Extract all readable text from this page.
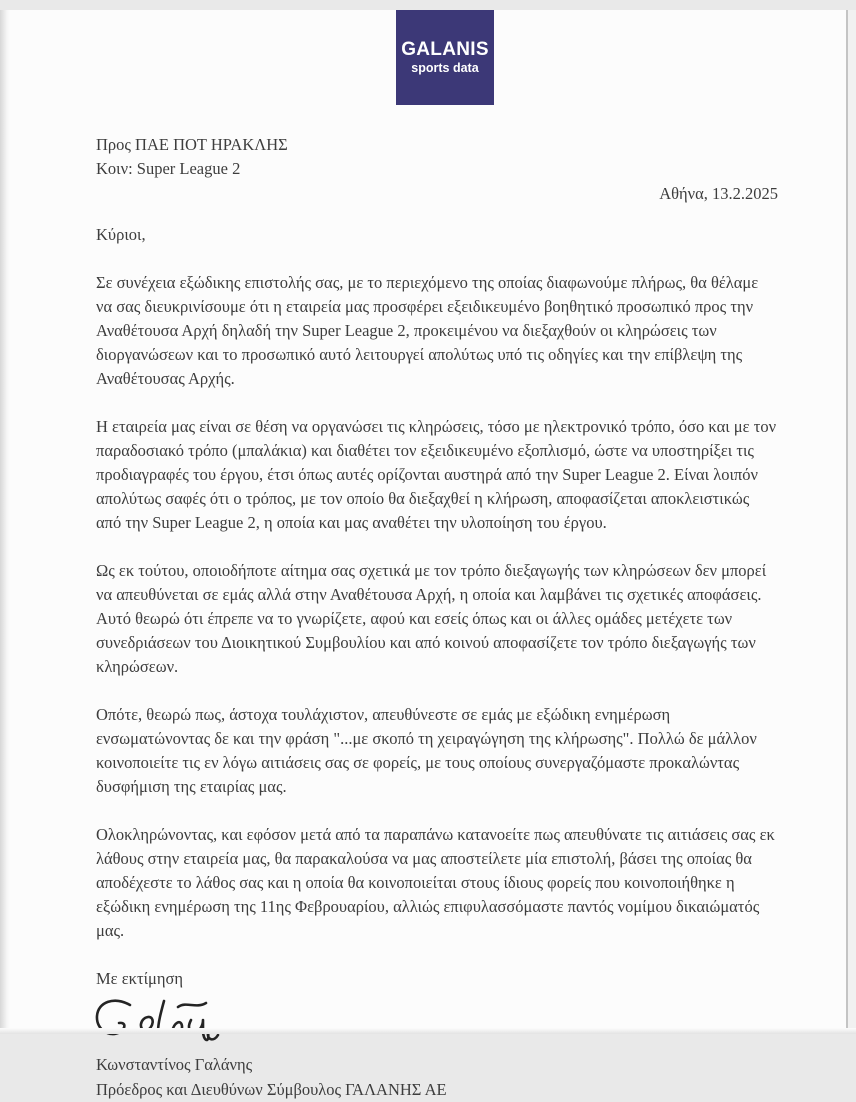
GALANIS
sports data
Προς ΠΑΕ ΠΟΤ ΗΡΑΚΛΗΣ
Κοιν: Super League 2
Αθήνα, 13.2.2025
Κύριοι,
Σε συνέχεια εξώδικης επιστολής σας, με το περιεχόμενο της οποίας διαφωνούμε πλήρως, θα θέλαμε να σας διευκρινίσουμε ότι η εταιρεία μας προσφέρει εξειδικευμένο βοηθητικό προσωπικό προς την Αναθέτουσα Αρχή δηλαδή την Super League 2, προκειμένου να διεξαχθούν οι κληρώσεις των διοργανώσεων και το προσωπικό αυτό λειτουργεί απολύτως υπό τις οδηγίες και την επίβλεψη της Αναθέτουσας Αρχής.
Η εταιρεία μας είναι σε θέση να οργανώσει τις κληρώσεις, τόσο με ηλεκτρονικό τρόπο, όσο και με τον παραδοσιακό τρόπο (μπαλάκια) και διαθέτει τον εξειδικευμένο εξοπλισμό, ώστε να υποστηρίξει τις προδιαγραφές του έργου, έτσι όπως αυτές ορίζονται αυστηρά από την Super League 2. Είναι λοιπόν απολύτως σαφές ότι ο τρόπος, με τον οποίο θα διεξαχθεί η κλήρωση, αποφασίζεται αποκλειστικώς από την Super League 2, η οποία και μας αναθέτει την υλοποίηση του έργου.
Ως εκ τούτου, οποιοδήποτε αίτημα σας σχετικά με τον τρόπο διεξαγωγής των κληρώσεων δεν μπορεί να απευθύνεται σε εμάς αλλά στην Αναθέτουσα Αρχή, η οποία και λαμβάνει τις σχετικές αποφάσεις. Αυτό θεωρώ ότι έπρεπε να το γνωρίζετε, αφού και εσείς όπως και οι άλλες ομάδες μετέχετε των συνεδριάσεων του Διοικητικού Συμβουλίου και από κοινού αποφασίζετε τον τρόπο διεξαγωγής των κληρώσεων.
Οπότε, θεωρώ πως, άστοχα τουλάχιστον, απευθύνεστε σε εμάς με εξώδικη ενημέρωση ενσωματώνοντας δε και την φράση "...με σκοπό τη χειραγώγηση της κλήρωσης". Πολλώ δε μάλλον κοινοποιείτε τις εν λόγω αιτιάσεις σας σε φορείς, με τους οποίους συνεργαζόμαστε προκαλώντας δυσφήμιση της εταιρίας μας.
Ολοκληρώνοντας, και εφόσον μετά από τα παραπάνω κατανοείτε πως απευθύνατε τις αιτιάσεις σας εκ λάθους στην εταιρεία μας, θα παρακαλούσα να μας αποστείλετε μία επιστολή, βάσει της οποίας θα αποδέχεστε το λάθος σας και η οποία θα κοινοποιείται στους ίδιους φορείς που κοινοποιήθηκε η εξώδικη ενημέρωση της 11ης Φεβρουαρίου, αλλιώς επιφυλασσόμαστε παντός νομίμου δικαιώματός μας.
Με εκτίμηση
Κωνσταντίνος Γαλάνης
Πρόεδρος και Διευθύνων Σύμβουλος ΓΑΛΑΝΗΣ ΑΕ
